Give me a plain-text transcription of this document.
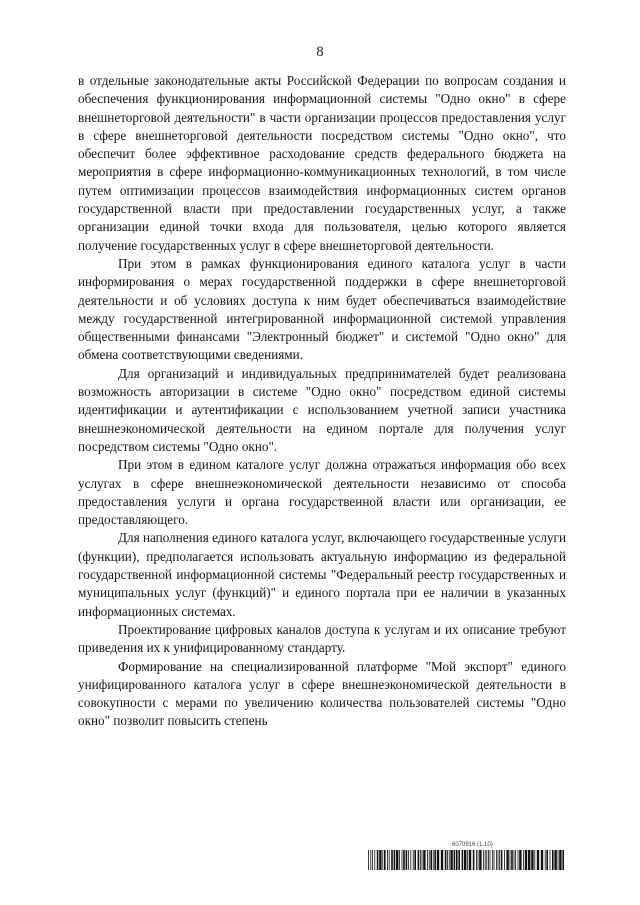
8

в отдельные законодательные акты Российской Федерации по вопросам создания и обеспечения функционирования информационной системы "Одно окно" в сфере внешнеторговой деятельности" в части организации процессов предоставления услуг в сфере внешнеторговой деятельности посредством системы "Одно окно", что обеспечит более эффективное расходование средств федерального бюджета на мероприятия в сфере информационно-коммуникационных технологий, в том числе путем оптимизации процессов взаимодействия информационных систем органов государственной власти при предоставлении государственных услуг, а также организации единой точки входа для пользователя, целью которого является получение государственных услуг в сфере внешнеторговой деятельности.

При этом в рамках функционирования единого каталога услуг в части информирования о мерах государственной поддержки в сфере внешнеторговой деятельности и об условиях доступа к ним будет обеспечиваться взаимодействие между государственной интегрированной информационной системой управления общественными финансами "Электронный бюджет" и системой "Одно окно" для обмена соответствующими сведениями.

Для организаций и индивидуальных предпринимателей будет реализована возможность авторизации в системе "Одно окно" посредством единой системы идентификации и аутентификации с использованием учетной записи участника внешнеэкономической деятельности на едином портале для получения услуг посредством системы "Одно окно".

При этом в едином каталоге услуг должна отражаться информация обо всех услугах в сфере внешнеэкономической деятельности независимо от способа предоставления услуги и органа государственной власти или организации, ее предоставляющего.

Для наполнения единого каталога услуг, включающего государственные услуги (функции), предполагается использовать актуальную информацию из федеральной государственной информационной системы "Федеральный реестр государственных и муниципальных услуг (функций)" и единого портала при ее наличии в указанных информационных системах.

Проектирование цифровых каналов доступа к услугам и их описание требуют приведения их к унифицированному стандарту.

Формирование на специализированной платформе "Мой экспорт" единого унифицированного каталога услуг в сфере внешнеэкономической деятельности в совокупности с мерами по увеличению количества пользователей системы "Одно окно" позволит повысить степень

6070916 (1.10)
